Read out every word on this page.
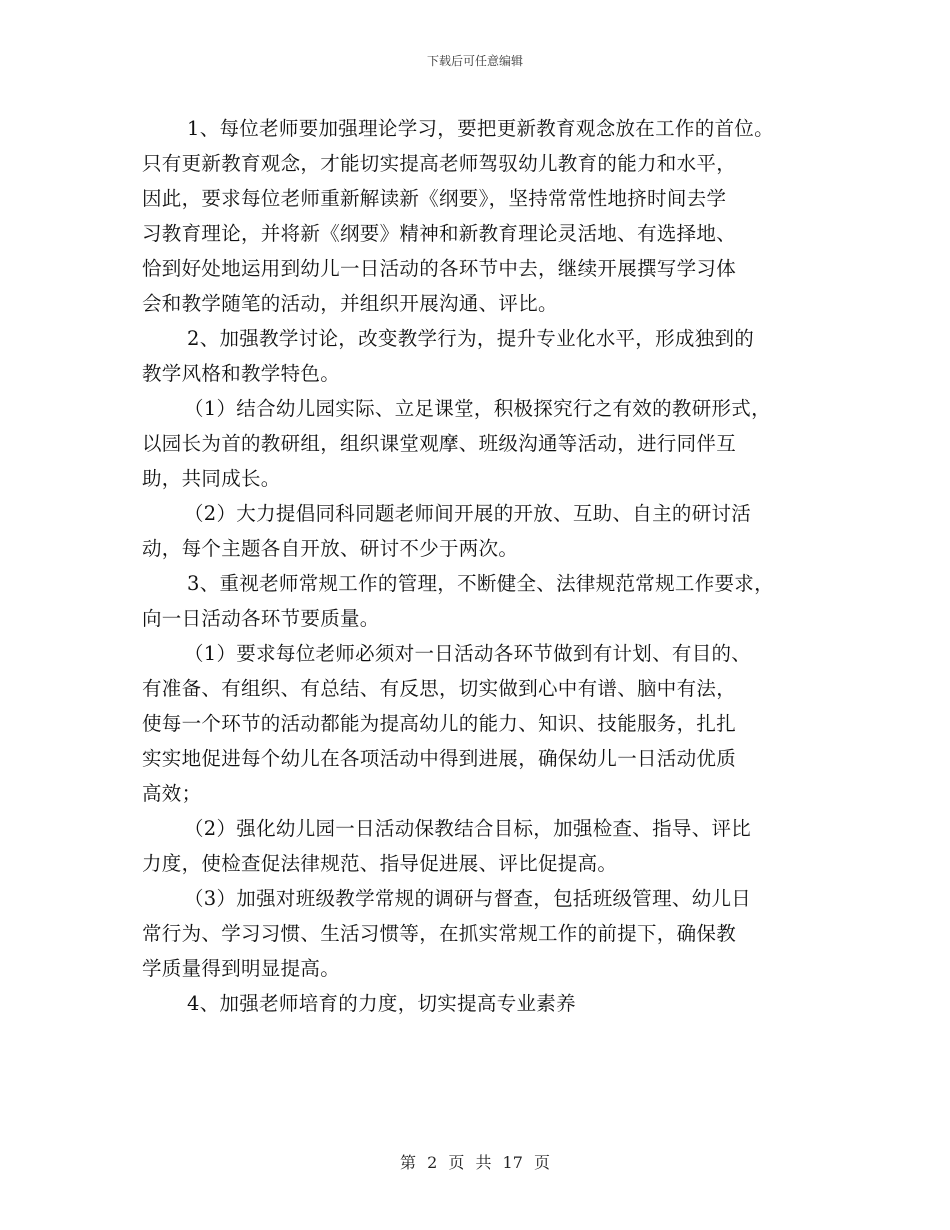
下载后可任意编辑
1、每位老师要加强理论学习，要把更新教育观念放在工作的首位。
只有更新教育观念，才能切实提高老师驾驭幼儿教育的能力和水平，
因此，要求每位老师重新解读新《纲要》，坚持常常性地挤时间去学
习教育理论，并将新《纲要》精神和新教育理论灵活地、有选择地、
恰到好处地运用到幼儿一日活动的各环节中去，继续开展撰写学习体
会和教学随笔的活动，并组织开展沟通、评比。
2、加强教学讨论，改变教学行为，提升专业化水平，形成独到的
教学风格和教学特色。
（1）结合幼儿园实际、立足课堂，积极探究行之有效的教研形式，
以园长为首的教研组，组织课堂观摩、班级沟通等活动，进行同伴互
助，共同成长。
（2）大力提倡同科同题老师间开展的开放、互助、自主的研讨活
动，每个主题各自开放、研讨不少于两次。
3、重视老师常规工作的管理，不断健全、法律规范常规工作要求，
向一日活动各环节要质量。
（1）要求每位老师必须对一日活动各环节做到有计划、有目的、
有准备、有组织、有总结、有反思，切实做到心中有谱、脑中有法，
使每一个环节的活动都能为提高幼儿的能力、知识、技能服务，扎扎
实实地促进每个幼儿在各项活动中得到进展，确保幼儿一日活动优质
高效；
（2）强化幼儿园一日活动保教结合目标，加强检查、指导、评比
力度，使检查促法律规范、指导促进展、评比促提高。
（3）加强对班级教学常规的调研与督查，包括班级管理、幼儿日
常行为、学习习惯、生活习惯等，在抓实常规工作的前提下，确保教
学质量得到明显提高。
4、加强老师培育的力度，切实提高专业素养
第 2 页 共 17 页
